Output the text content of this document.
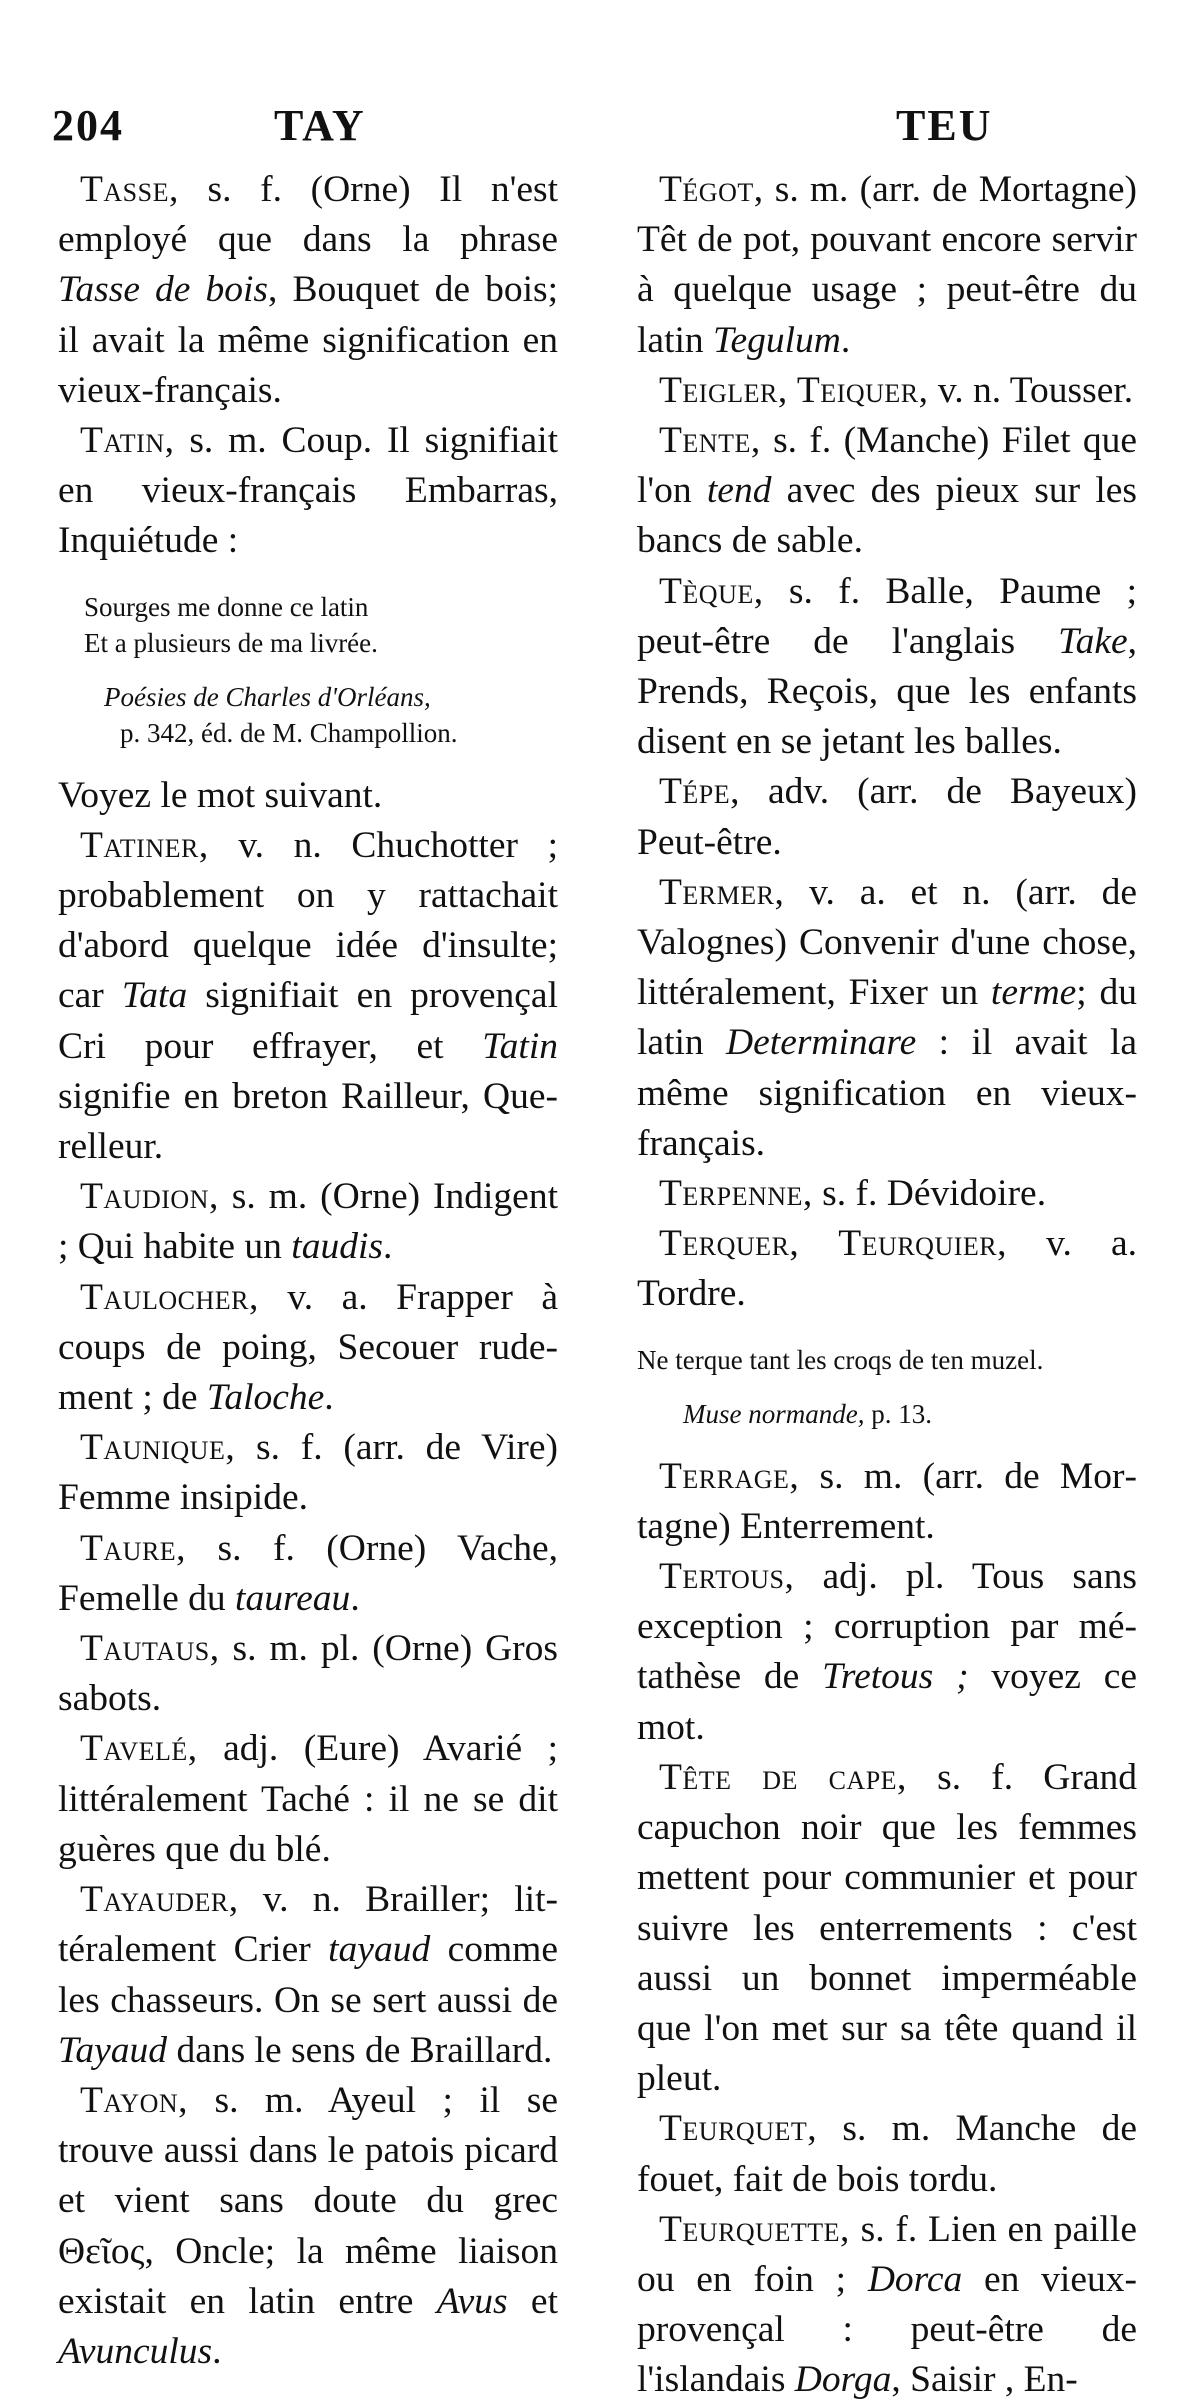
204	TAY	TEU

Tasse, s. f. (Orne) Il n'est employé que dans la phrase Tasse de bois, Bouquet de bois; il avait la même signification en vieux-français.

Tatin, s. m. Coup. Il signifiait en vieux-français Embarras, Inquiétude :

Sourges me donne ce latin

Et a plusieurs de ma livrée.

Poésies de Charles d'Orléans,

p. 342, éd. de M. Champollion.

Voyez le mot suivant.

Tatiner, v. n. Chuchotter ; probablement on y rattachait d'abord quelque idée d'insulte; car Tata signifiait en provençal Cri pour effrayer, et Tatin signifie en breton Railleur, Querelleur.

Taudion, s. m. (Orne) Indigent ; Qui habite un taudis.

Taulocher, v. a. Frapper à coups de poing, Secouer rudement ; de Taloche.

Taunique, s. f. (arr. de Vire) Femme insipide.

Taure, s. f. (Orne) Vache, Femelle du taureau.

Tautaus, s. m. pl. (Orne) Gros sabots.

Tavelé, adj. (Eure) Avarié ; littéralement Taché : il ne se dit guères que du blé.

Tayauder, v. n. Brailler; littéralement Crier tayaud comme les chasseurs. On se sert aussi de Tayaud dans le sens de Braillard.

Tayon, s. m. Ayeul ; il se trouve aussi dans le patois picard et vient sans doute du grec Θεῖος, Oncle; la même liaison existait en latin entre Avus et Avunculus.

Tégot, s. m. (arr. de Mortagne) Têt de pot, pouvant encore servir à quelque usage ; peut-être du latin Tegulum.

Teigler, Teiquer, v. n. Tousser.

Tente, s. f. (Manche) Filet que l'on tend avec des pieux sur les bancs de sable.

Tèque, s. f. Balle, Paume ; peut-être de l'anglais Take, Prends, Reçois, que les enfants disent en se jetant les balles.

Tépe, adv. (arr. de Bayeux) Peut-être.

Termer, v. a. et n. (arr. de Valognes) Convenir d'une chose, littéralement, Fixer un terme; du latin Determinare : il avait la même signification en vieux-français.

Terpenne, s. f. Dévidoire.

Terquer, Teurquier, v. a. Tordre.

Ne terque tant les croqs de ten muzel.

Muse normande, p. 13.

Terrage, s. m. (arr. de Mortagne) Enterrement.

Tertous, adj. pl. Tous sans exception ; corruption par métathèse de Tretous ; voyez ce mot.

Tête de cape, s. f. Grand capuchon noir que les femmes mettent pour communier et pour suivre les enterrements : c'est aussi un bonnet imperméable que l'on met sur sa tête quand il pleut.

Teurquet, s. m. Manche de fouet, fait de bois tordu.

Teurquette, s. f. Lien en paille ou en foin ; Dorca en vieux-provençal : peut-être de l'islandais Dorga, Saisir , En-
